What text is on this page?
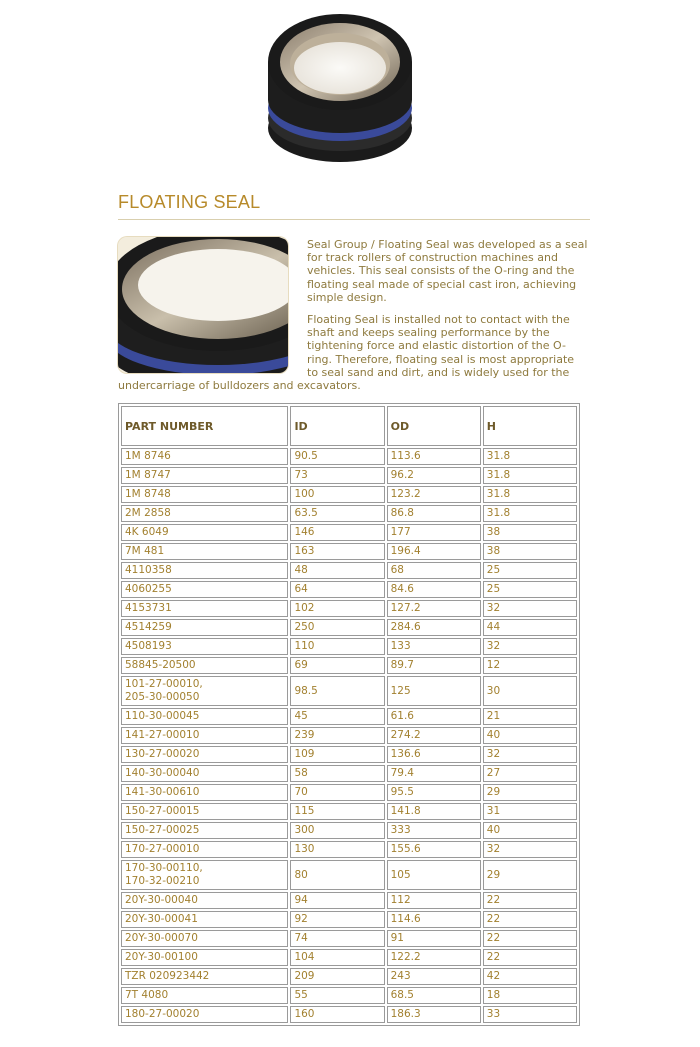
FLOATING SEAL

Seal Group / Floating Seal was developed as a seal for track rollers of construction machines and vehicles. This seal consists of the O-ring and the floating seal made of special cast iron, achieving simple design.

Floating Seal is installed not to contact with the
shaft and keeps sealing performance by the
tightening force and elastic distortion of the O-
ring. Therefore, floating seal is most appropriate
to seal sand and dirt, and is widely used for the
undercarriage of bulldozers and excavators.

PART NUMBER	ID	OD	H
1M 8746	90.5	113.6	31.8
1M 8747	73	96.2	31.8
1M 8748	100	123.2	31.8
2M 2858	63.5	86.8	31.8
4K 6049	146	177	38
7M 481	163	196.4	38
4110358	48	68	25
4060255	64	84.6	25
4153731	102	127.2	32
4514259	250	284.6	44
4508193	110	133	32
58845-20500	69	89.7	12
101-27-00010,
205-30-00050	98.5	125	30
110-30-00045	45	61.6	21
141-27-00010	239	274.2	40
130-27-00020	109	136.6	32
140-30-00040	58	79.4	27
141-30-00610	70	95.5	29
150-27-00015	115	141.8	31
150-27-00025	300	333	40
170-27-00010	130	155.6	32
170-30-00110,
170-32-00210	80	105	29
20Y-30-00040	94	112	22
20Y-30-00041	92	114.6	22
20Y-30-00070	74	91	22
20Y-30-00100	104	122.2	22
TZR 020923442	209	243	42
7T 4080	55	68.5	18
180-27-00020	160	186.3	33
